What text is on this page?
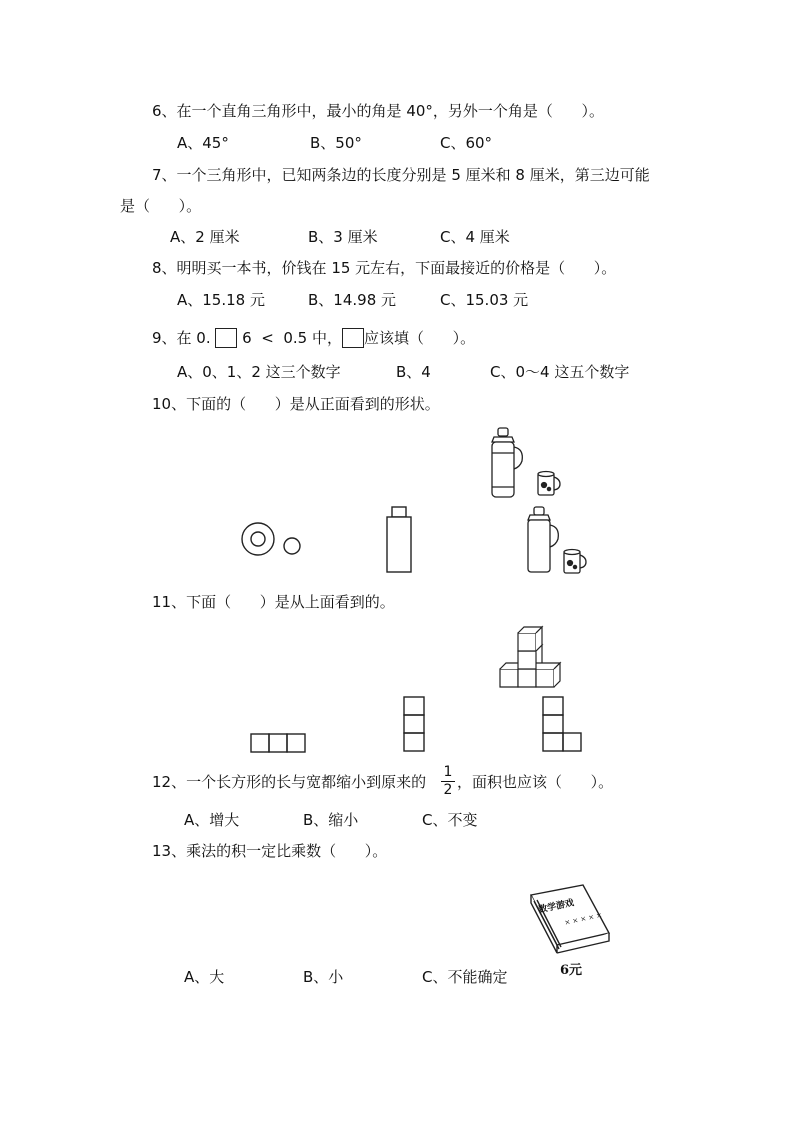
6、在一个直角三角形中，最小的角是 40°，另外一个角是（      ）。
A、45°	B、50°	C、60°
7、一个三角形中，已知两条边的长度分别是 5 厘米和 8 厘米，第三边可能
是（      ）。
A、2 厘米	B、3 厘米	C、4 厘米
8、明明买一本书，价钱在 15 元左右，下面最接近的价格是（      ）。
A、15.18 元	B、14.98 元	C、15.03 元
9、在 0.  6  <  0.5 中， 应该填（      ）。
A、0、1、2 这三个数字	B、4	C、0～4 这五个数字
10、下面的（      ）是从正面看到的形状。
11、下面（      ）是从上面看到的。
12、一个长方形的长与宽都缩小到原来的
1
2 ，面积也应该（      ）。
A、增大	B、缩小	C、不变
13、乘法的积一定比乘数（      ）。
× × × × ×
数学游戏
6元
A、大	B、小	C、不能确定
